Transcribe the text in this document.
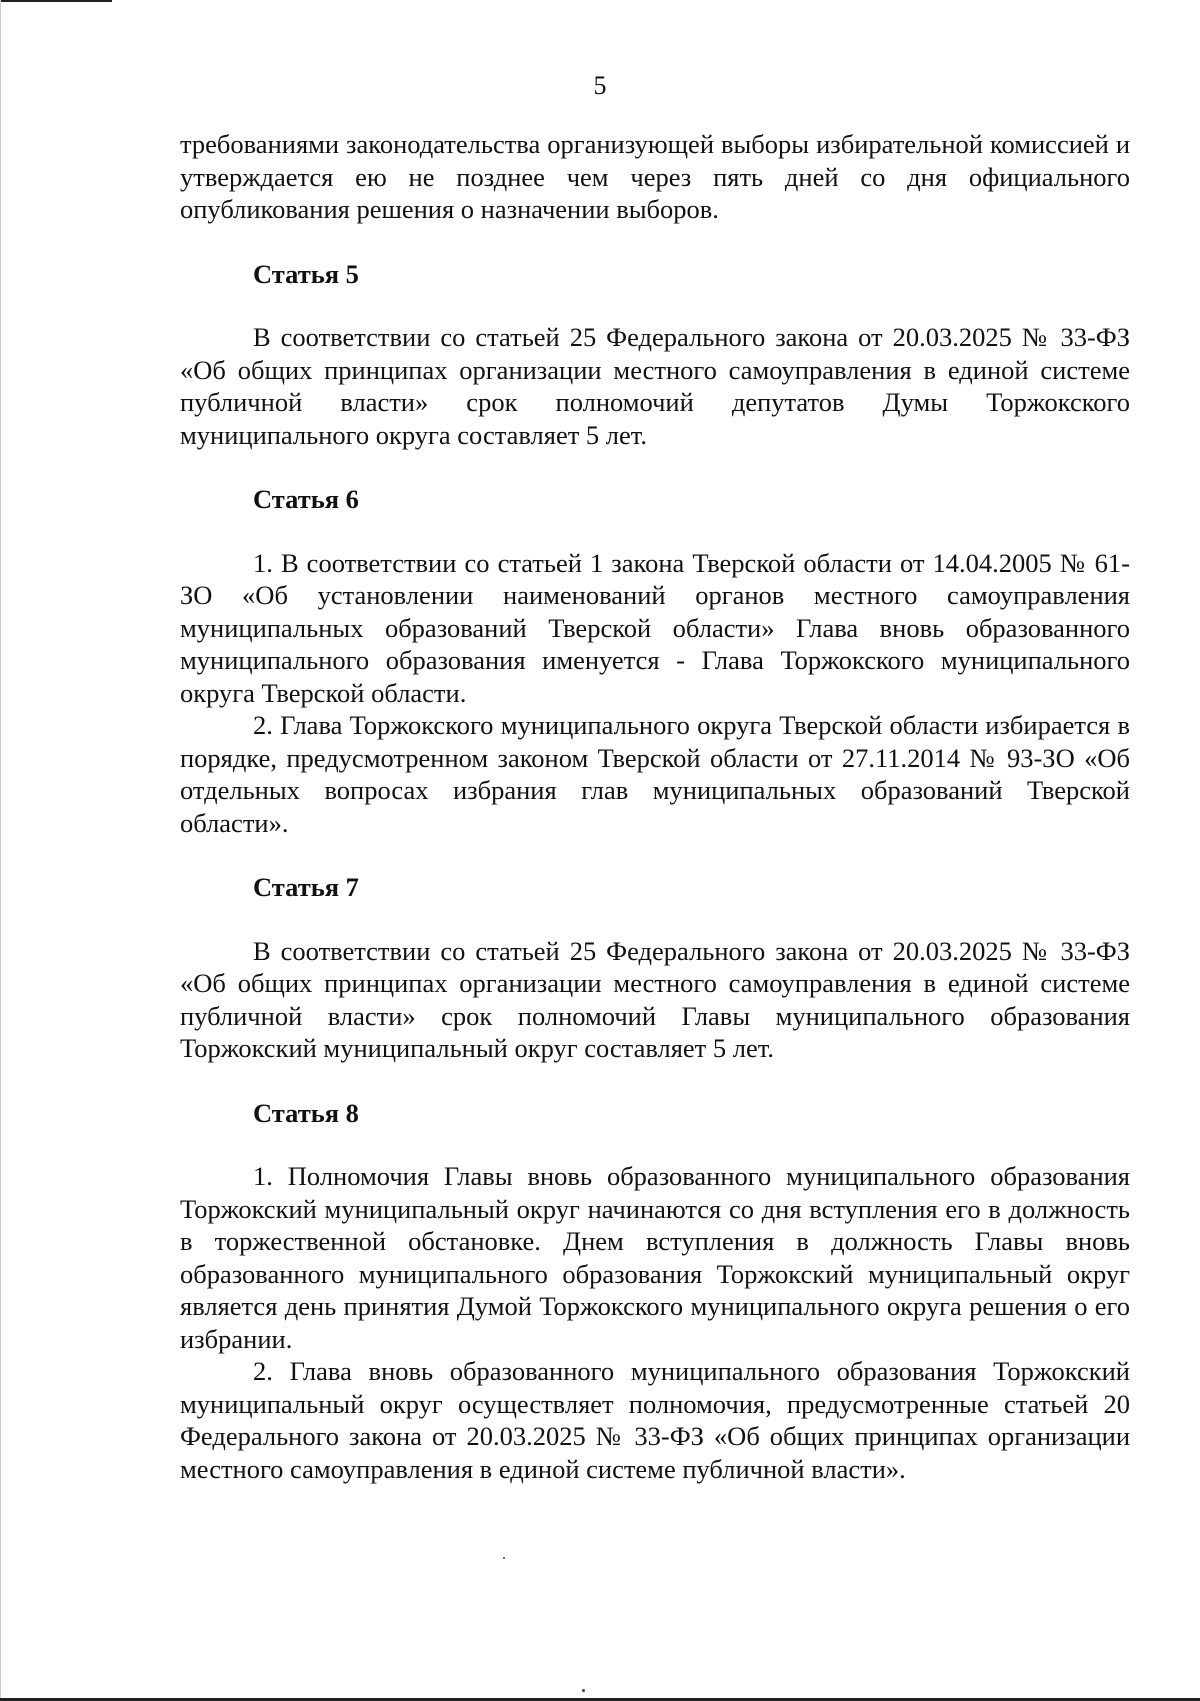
5

требованиями законодательства организующей выборы избирательной комиссией и утверждается ею не позднее чем через пять дней со дня официального опубликования решения о назначении выборов.

Статья 5

В соответствии со статьей 25 Федерального закона от 20.03.2025 № 33-ФЗ «Об общих принципах организации местного самоуправления в единой системе публичной власти» срок полномочий депутатов Думы Торжокского муниципального округа составляет 5 лет.

Статья 6

1. В соответствии со статьей 1 закона Тверской области от 14.04.2005 № 61-ЗО «Об установлении наименований органов местного самоуправления муниципальных образований Тверской области» Глава вновь образованного муниципального образования именуется - Глава Торжокского муниципального округа Тверской области.

2. Глава Торжокского муниципального округа Тверской области избирается в порядке, предусмотренном законом Тверской области от 27.11.2014 № 93-ЗО «Об отдельных вопросах избрания глав муниципальных образований Тверской области».

Статья 7

В соответствии со статьей 25 Федерального закона от 20.03.2025 № 33-ФЗ «Об общих принципах организации местного самоуправления в единой системе публичной власти» срок полномочий Главы муниципального образования Торжокский муниципальный округ составляет 5 лет.

Статья 8

1. Полномочия Главы вновь образованного муниципального образования Торжокский муниципальный округ начинаются со дня вступления его в должность в торжественной обстановке. Днем вступления в должность Главы вновь образованного муниципального образования Торжокский муниципальный округ является день принятия Думой Торжокского муниципального округа решения о его избрании.

2. Глава вновь образованного муниципального образования Торжокский муниципальный округ осуществляет полномочия, предусмотренные статьей 20 Федерального закона от 20.03.2025 № 33-ФЗ «Об общих принципах организации местного самоуправления в единой системе публичной власти».
